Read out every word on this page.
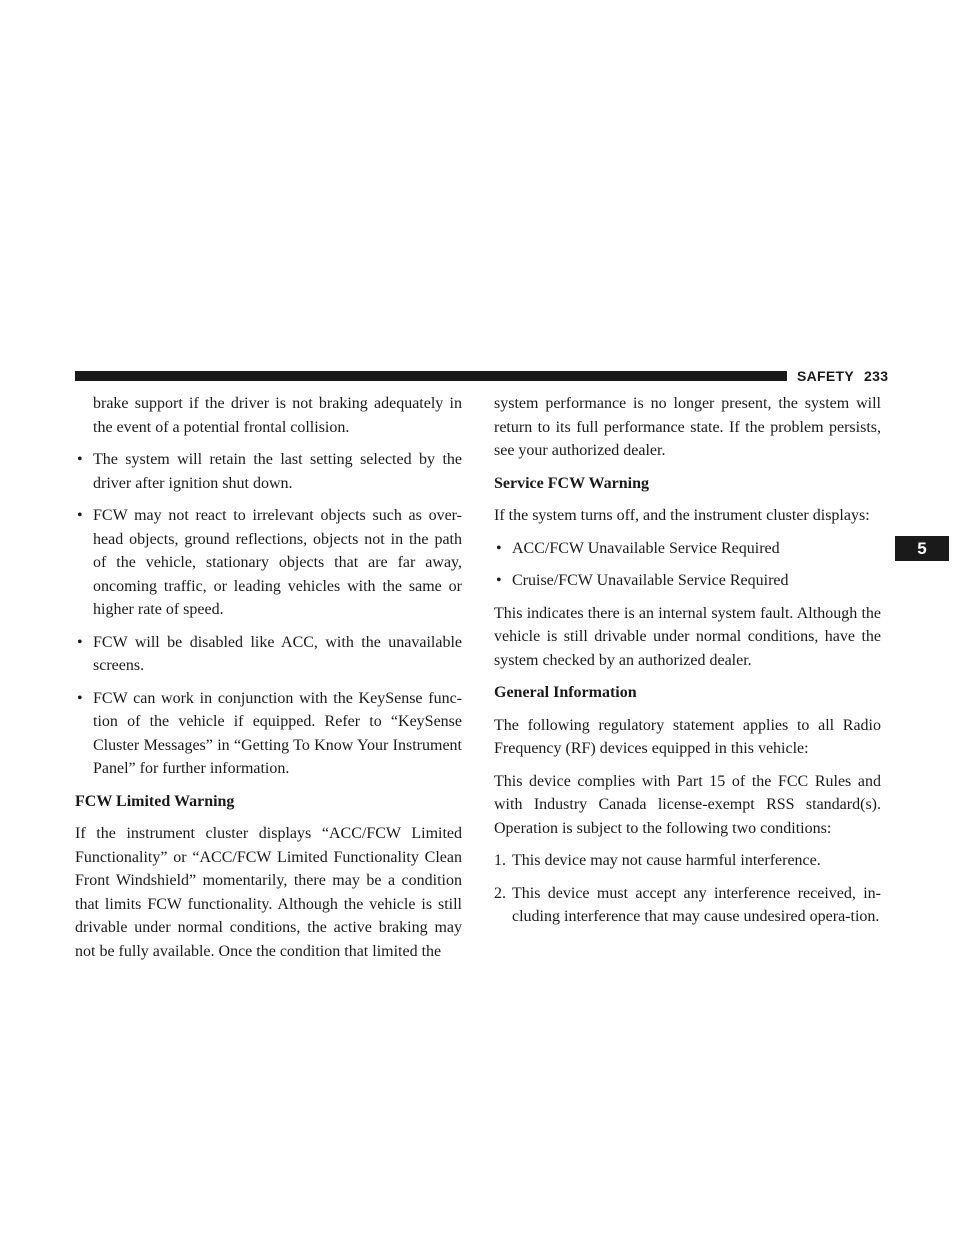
SAFETY 233
5

brake support if the driver is not braking adequately in the event of a potential frontal collision.

• The system will retain the last setting selected by the driver after ignition shut down.
• FCW may not react to irrelevant objects such as over-head objects, ground reflections, objects not in the path of the vehicle, stationary objects that are far away, oncoming traffic, or leading vehicles with the same or higher rate of speed.
• FCW will be disabled like ACC, with the unavailable screens.
• FCW can work in conjunction with the KeySense func-tion of the vehicle if equipped. Refer to “KeySense Cluster Messages” in “Getting To Know Your Instrument Panel” for further information.

FCW Limited Warning

If the instrument cluster displays “ACC/FCW Limited Functionality” or “ACC/FCW Limited Functionality Clean Front Windshield” momentarily, there may be a condition that limits FCW functionality. Although the vehicle is still drivable under normal conditions, the active braking may not be fully available. Once the condition that limited the

system performance is no longer present, the system will return to its full performance state. If the problem persists, see your authorized dealer.

Service FCW Warning

If the system turns off, and the instrument cluster displays:

• ACC/FCW Unavailable Service Required
• Cruise/FCW Unavailable Service Required

This indicates there is an internal system fault. Although the vehicle is still drivable under normal conditions, have the system checked by an authorized dealer.

General Information

The following regulatory statement applies to all Radio Frequency (RF) devices equipped in this vehicle:

This device complies with Part 15 of the FCC Rules and with Industry Canada license-exempt RSS standard(s). Operation is subject to the following two conditions:

1. This device may not cause harmful interference.
2. This device must accept any interference received, in-cluding interference that may cause undesired opera-tion.
